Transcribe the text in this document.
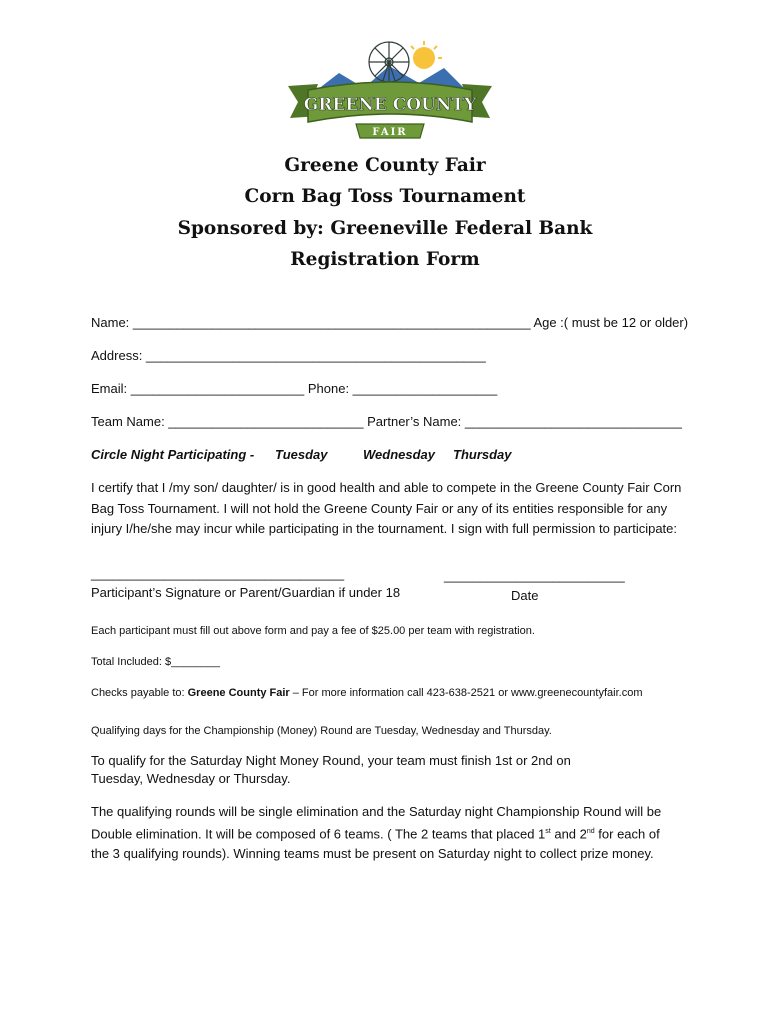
GREENE COUNTY
FAIR
Greene County Fair
Corn Bag Toss Tournament
Sponsored by: Greeneville Federal Bank
Registration Form
Name: _______________________________________________________ Age :( must be 12 or older)
Address: _______________________________________________
Email: ________________________ Phone: ____________________
Team Name: ___________________________ Partner’s Name: ______________________________
Circle Night Participating - Tuesday	Wednesday Thursday
I certify that I /my son/ daughter/ is in good health and able to compete in the Greene County Fair Corn Bag Toss Tournament. I will not hold the Greene County Fair or any of its entities responsible for any injury I/he/she may incur while participating in the tournament. I sign with full permission to participate:
___________________________________
Participant’s Signature or Parent/Guardian if under 18
_________________________
Date
Each participant must fill out above form and pay a fee of $25.00 per team with registration.
Total Included: $________
Checks payable to: Greene County Fair – For more information call 423-638-2521 or www.greenecountyfair.com
Qualifying days for the Championship (Money) Round are Tuesday, Wednesday and Thursday.
To qualify for the Saturday Night Money Round, your team must finish 1st or 2nd on Tuesday, Wednesday or Thursday.
The qualifying rounds will be single elimination and the Saturday night Championship Round will be Double elimination. It will be composed of 6 teams. ( The 2 teams that placed 1st and 2nd for each of the 3 qualifying rounds). Winning teams must be present on Saturday night to collect prize money.
